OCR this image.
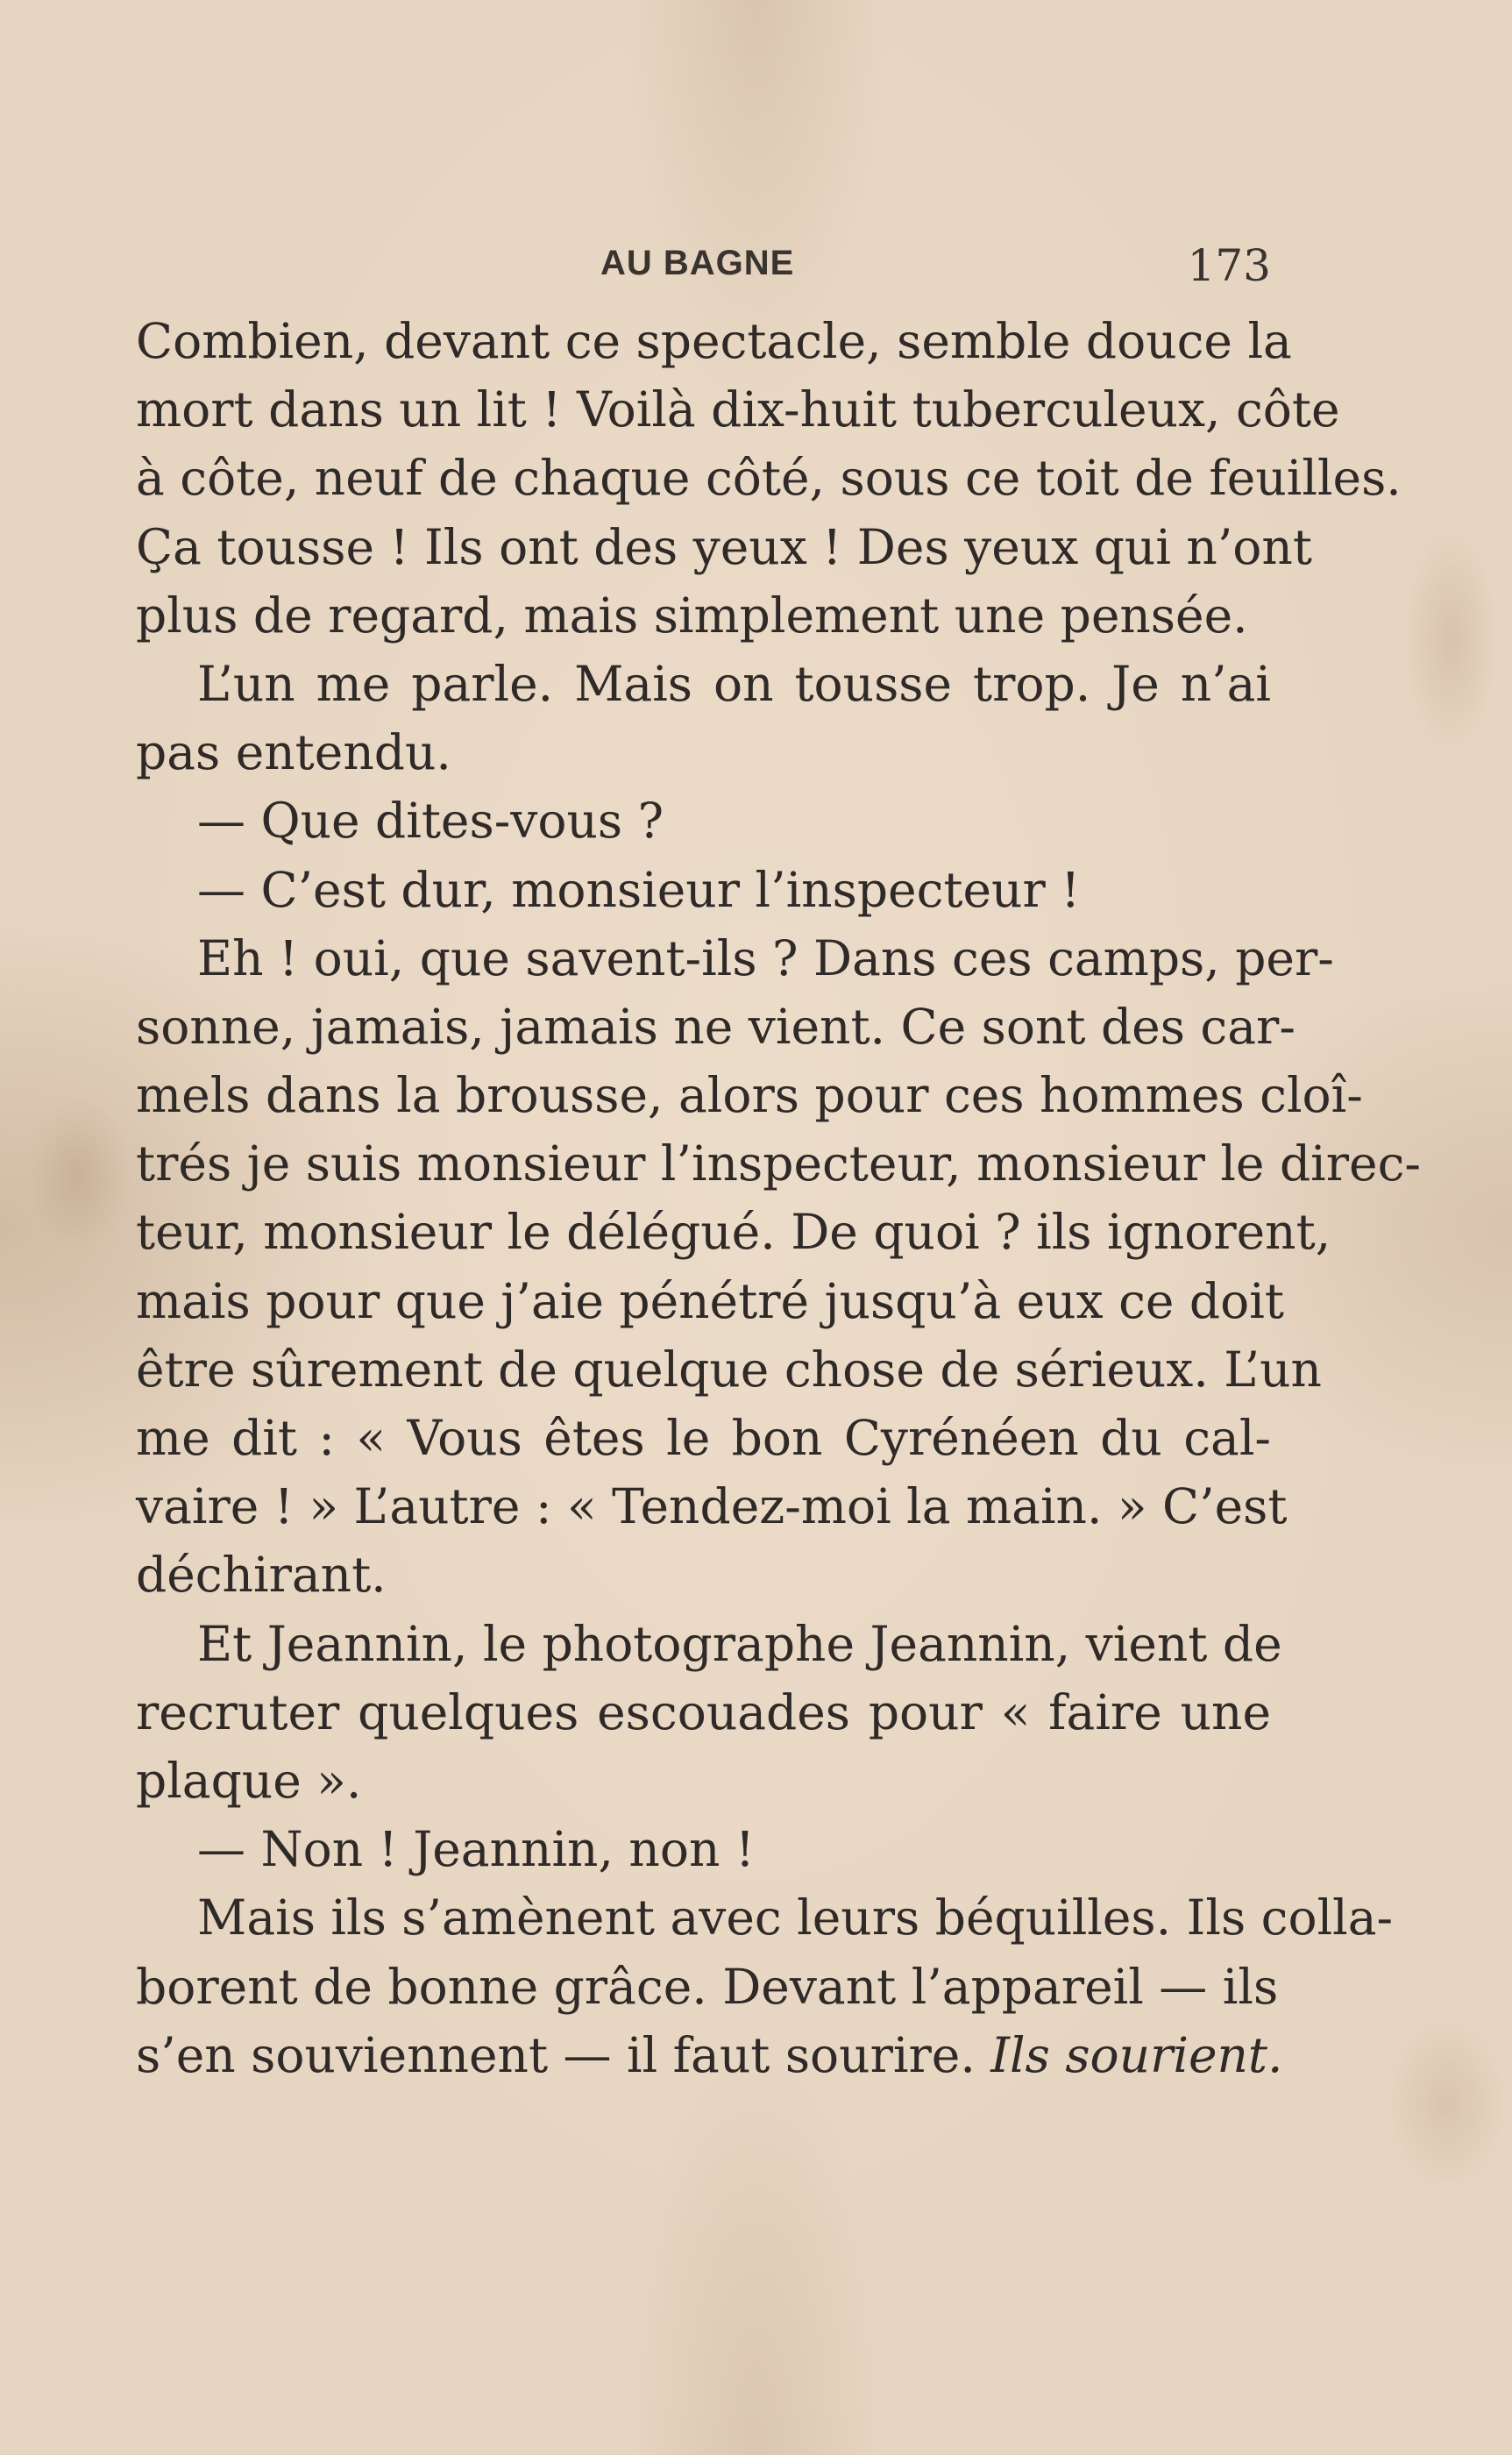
AU BAGNE	173
Combien, devant ce spectacle, semble douce la
mort dans un lit ! Voilà dix-huit tuberculeux, côte
à côte, neuf de chaque côté, sous ce toit de feuilles.
Ça tousse ! Ils ont des yeux ! Des yeux qui n’ont
plus de regard, mais simplement une pensée.
L’un me parle. Mais on tousse trop. Je n’ai
pas entendu.
— Que dites-vous ?
— C’est dur, monsieur l’inspecteur !
Eh ! oui, que savent-ils ? Dans ces camps, per-
sonne, jamais, jamais ne vient. Ce sont des car-
mels dans la brousse, alors pour ces hommes cloî-
trés je suis monsieur l’inspecteur, monsieur le direc-
teur, monsieur le délégué. De quoi ? ils ignorent,
mais pour que j’aie pénétré jusqu’à eux ce doit
être sûrement de quelque chose de sérieux. L’un
me dit : « Vous êtes le bon Cyrénéen du cal-
vaire ! » L’autre : « Tendez-moi la main. » C’est
déchirant.
Et Jeannin, le photographe Jeannin, vient de
recruter quelques escouades pour « faire une
plaque ».
— Non ! Jeannin, non !
Mais ils s’amènent avec leurs béquilles. Ils colla-
borent de bonne grâce. Devant l’appareil — ils
s’en souviennent — il faut sourire. Ils sourient.
